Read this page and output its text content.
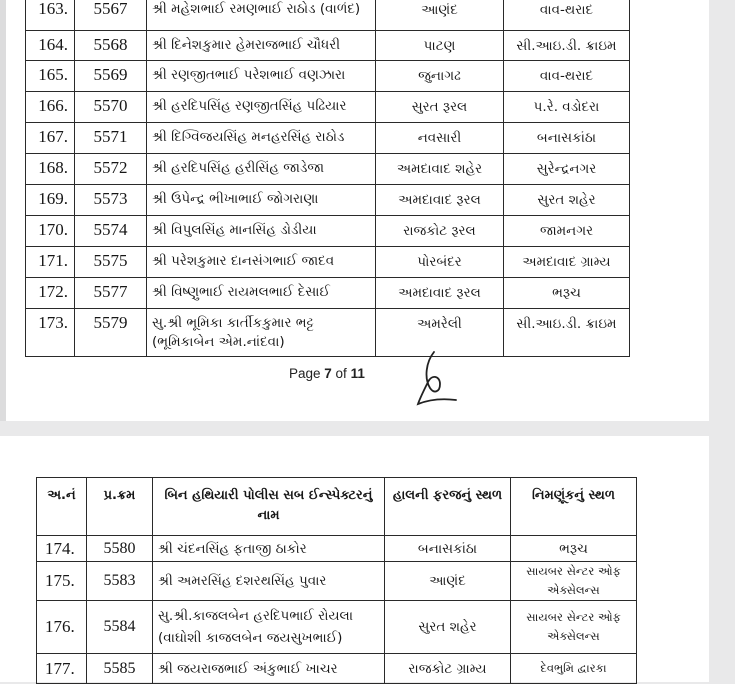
163.	5567	શ્રી મહેશભાઈ રમણભાઈ રાઠોડ (વાળંદ)	આણંદ	વાવ-થરાદ
164.	5568	શ્રી દિનેશકુમાર હેમરાજભાઈ ચૌધરી	પાટણ	સી.આઇ.ડી. ક્રાઇમ
165.	5569	શ્રી રણજીતભાઈ પરેશભાઈ વણઝારા	જુનાગઢ	વાવ-થરાદ
166.	5570	શ્રી હરદિપસિંહ રણજીતસિંહ પઢિયાર	સુરત રૂરલ	પ.રે. વડોદરા
167.	5571	શ્રી દિગ્વિજયસિંહ મનહરસિંહ રાઠોડ	નવસારી	બનાસકાંઠા
168.	5572	શ્રી હરદિપસિંહ હરીસિંહ જાડેજા	અમદાવાદ શહેર	સુરેન્દ્રનગર
169.	5573	શ્રી ઉપેન્દ્ર ભીખાભાઈ જોગરાણા	અમદાવાદ રૂરલ	સુરત શહેર
170.	5574	શ્રી વિપુલસિંહ માનસિંહ ડોડીયા	રાજકોટ રૂરલ	જામનગર
171.	5575	શ્રી પરેશકુમાર દાનસંગભાઈ જાદવ	પોરબંદર	અમદાવાદ ગ્રામ્ય
172.	5577	શ્રી વિષ્ણુભાઈ રાયમલભાઈ દેસાઈ	અમદાવાદ રૂરલ	ભરૂચ
173.	5579	સુ.શ્રી ભૂમિકા કાર્તીકકુમાર ભટ્ટ
(ભૂમિકાબેન એમ.નાંદવા)	અમરેલી	સી.આઇ.ડી. ક્રાઇમ
Page 7 of 11
અ.નં	પ્ર.ક્રમ	બિન હથિયારી પોલીસ સબ ઈન્સ્પેક્ટરનું નામ	હાલની ફરજનું સ્થળ	નિમણૂંકનું સ્થળ
174.	5580	શ્રી ચંદનસિંહ ફતાજી ઠાકોર	બનાસકાંઠા	ભરૂચ
175.	5583	શ્રી અમરસિંહ દશરથસિંહ પુવાર	આણંદ	સાયબર સેન્ટર ઓફ એક્સેલન્સ
176.	5584	સુ.શ્રી.કાજલબેન હરદિપભાઈ રોયલા
(વાઘોશી કાજલબેન જયસુખભાઈ)	સુરત શહેર	સાયબર સેન્ટર ઓફ એક્સેલન્સ
177.	5585	શ્રી જયરાજભાઈ અંકુભાઈ ખાચર	રાજકોટ ગ્રામ્ય	દેવભુમિ દ્વારકા
